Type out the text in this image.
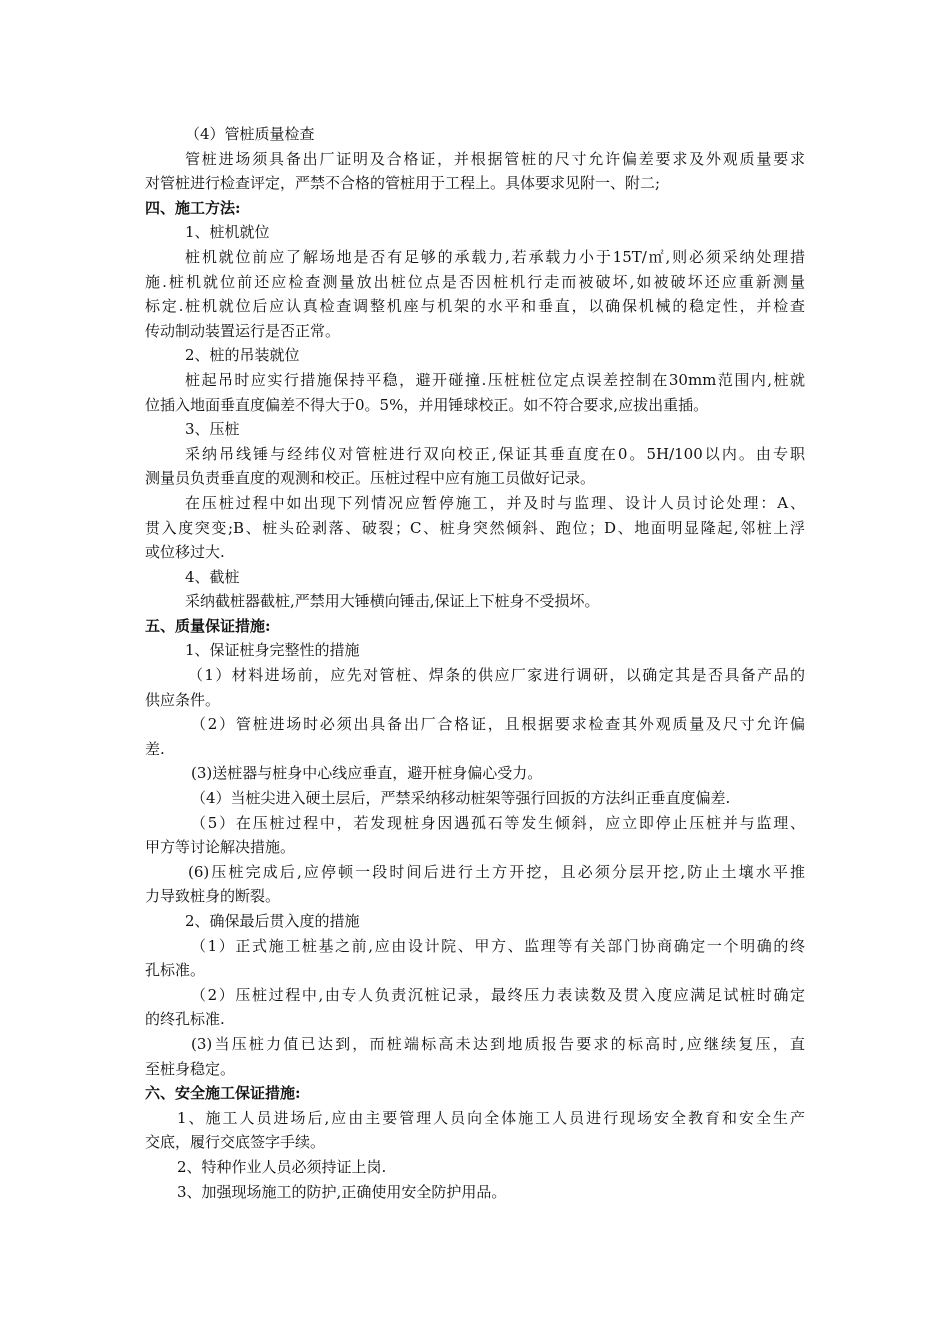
（4）管桩质量检查
管桩进场须具备出厂证明及合格证，并根据管桩的尺寸允许偏差要求及外观质量要求
对管桩进行检查评定，严禁不合格的管桩用于工程上。具体要求见附一、附二;
四、施工方法:
1、桩机就位
桩机就位前应了解场地是否有足够的承载力,若承载力小于15T/㎡,则必须采纳处理措
施.桩机就位前还应检查测量放出桩位点是否因桩机行走而被破坏,如被破坏还应重新测量
标定.桩机就位后应认真检查调整机座与机架的水平和垂直，以确保机械的稳定性，并检查
传动制动装置运行是否正常。
2、桩的吊装就位
桩起吊时应实行措施保持平稳，避开碰撞.压桩桩位定点误差控制在30mm范围内,桩就
位插入地面垂直度偏差不得大于0。5%，并用锤球校正。如不符合要求,应拔出重插。
3、压桩
采纳吊线锤与经纬仪对管桩进行双向校正,保证其垂直度在0。5H/100以内。由专职
测量员负责垂直度的观测和校正。压桩过程中应有施工员做好记录。
在压桩过程中如出现下列情况应暂停施工，并及时与监理、设计人员讨论处理：A、
贯入度突变;B、桩头砼剥落、破裂；C、桩身突然倾斜、跑位；D、地面明显隆起,邻桩上浮
或位移过大.
4、截桩
采纳截桩器截桩,严禁用大锤横向锤击,保证上下桩身不受损坏。
五、质量保证措施:
1、保证桩身完整性的措施
（1）材料进场前，应先对管桩、焊条的供应厂家进行调研，以确定其是否具备产品的
供应条件。
（2）管桩进场时必须出具备出厂合格证，且根据要求检查其外观质量及尺寸允许偏
差.
(3)送桩器与桩身中心线应垂直，避开桩身偏心受力。
（4）当桩尖进入硬土层后，严禁采纳移动桩架等强行回扳的方法纠正垂直度偏差.
（5）在压桩过程中，若发现桩身因遇孤石等发生倾斜，应立即停止压桩并与监理、
甲方等讨论解决措施。
(6)压桩完成后,应停顿一段时间后进行土方开挖，且必须分层开挖,防止土壤水平推
力导致桩身的断裂。
2、确保最后贯入度的措施
（1）正式施工桩基之前,应由设计院、甲方、监理等有关部门协商确定一个明确的终
孔标准。
（2）压桩过程中,由专人负责沉桩记录，最终压力表读数及贯入度应满足试桩时确定
的终孔标准.
(3)当压桩力值已达到，而桩端标高未达到地质报告要求的标高时,应继续复压，直
至桩身稳定。
六、安全施工保证措施:
1、施工人员进场后,应由主要管理人员向全体施工人员进行现场安全教育和安全生产
交底，履行交底签字手续。
2、特种作业人员必须持证上岗.
3、加强现场施工的防护,正确使用安全防护用品。
